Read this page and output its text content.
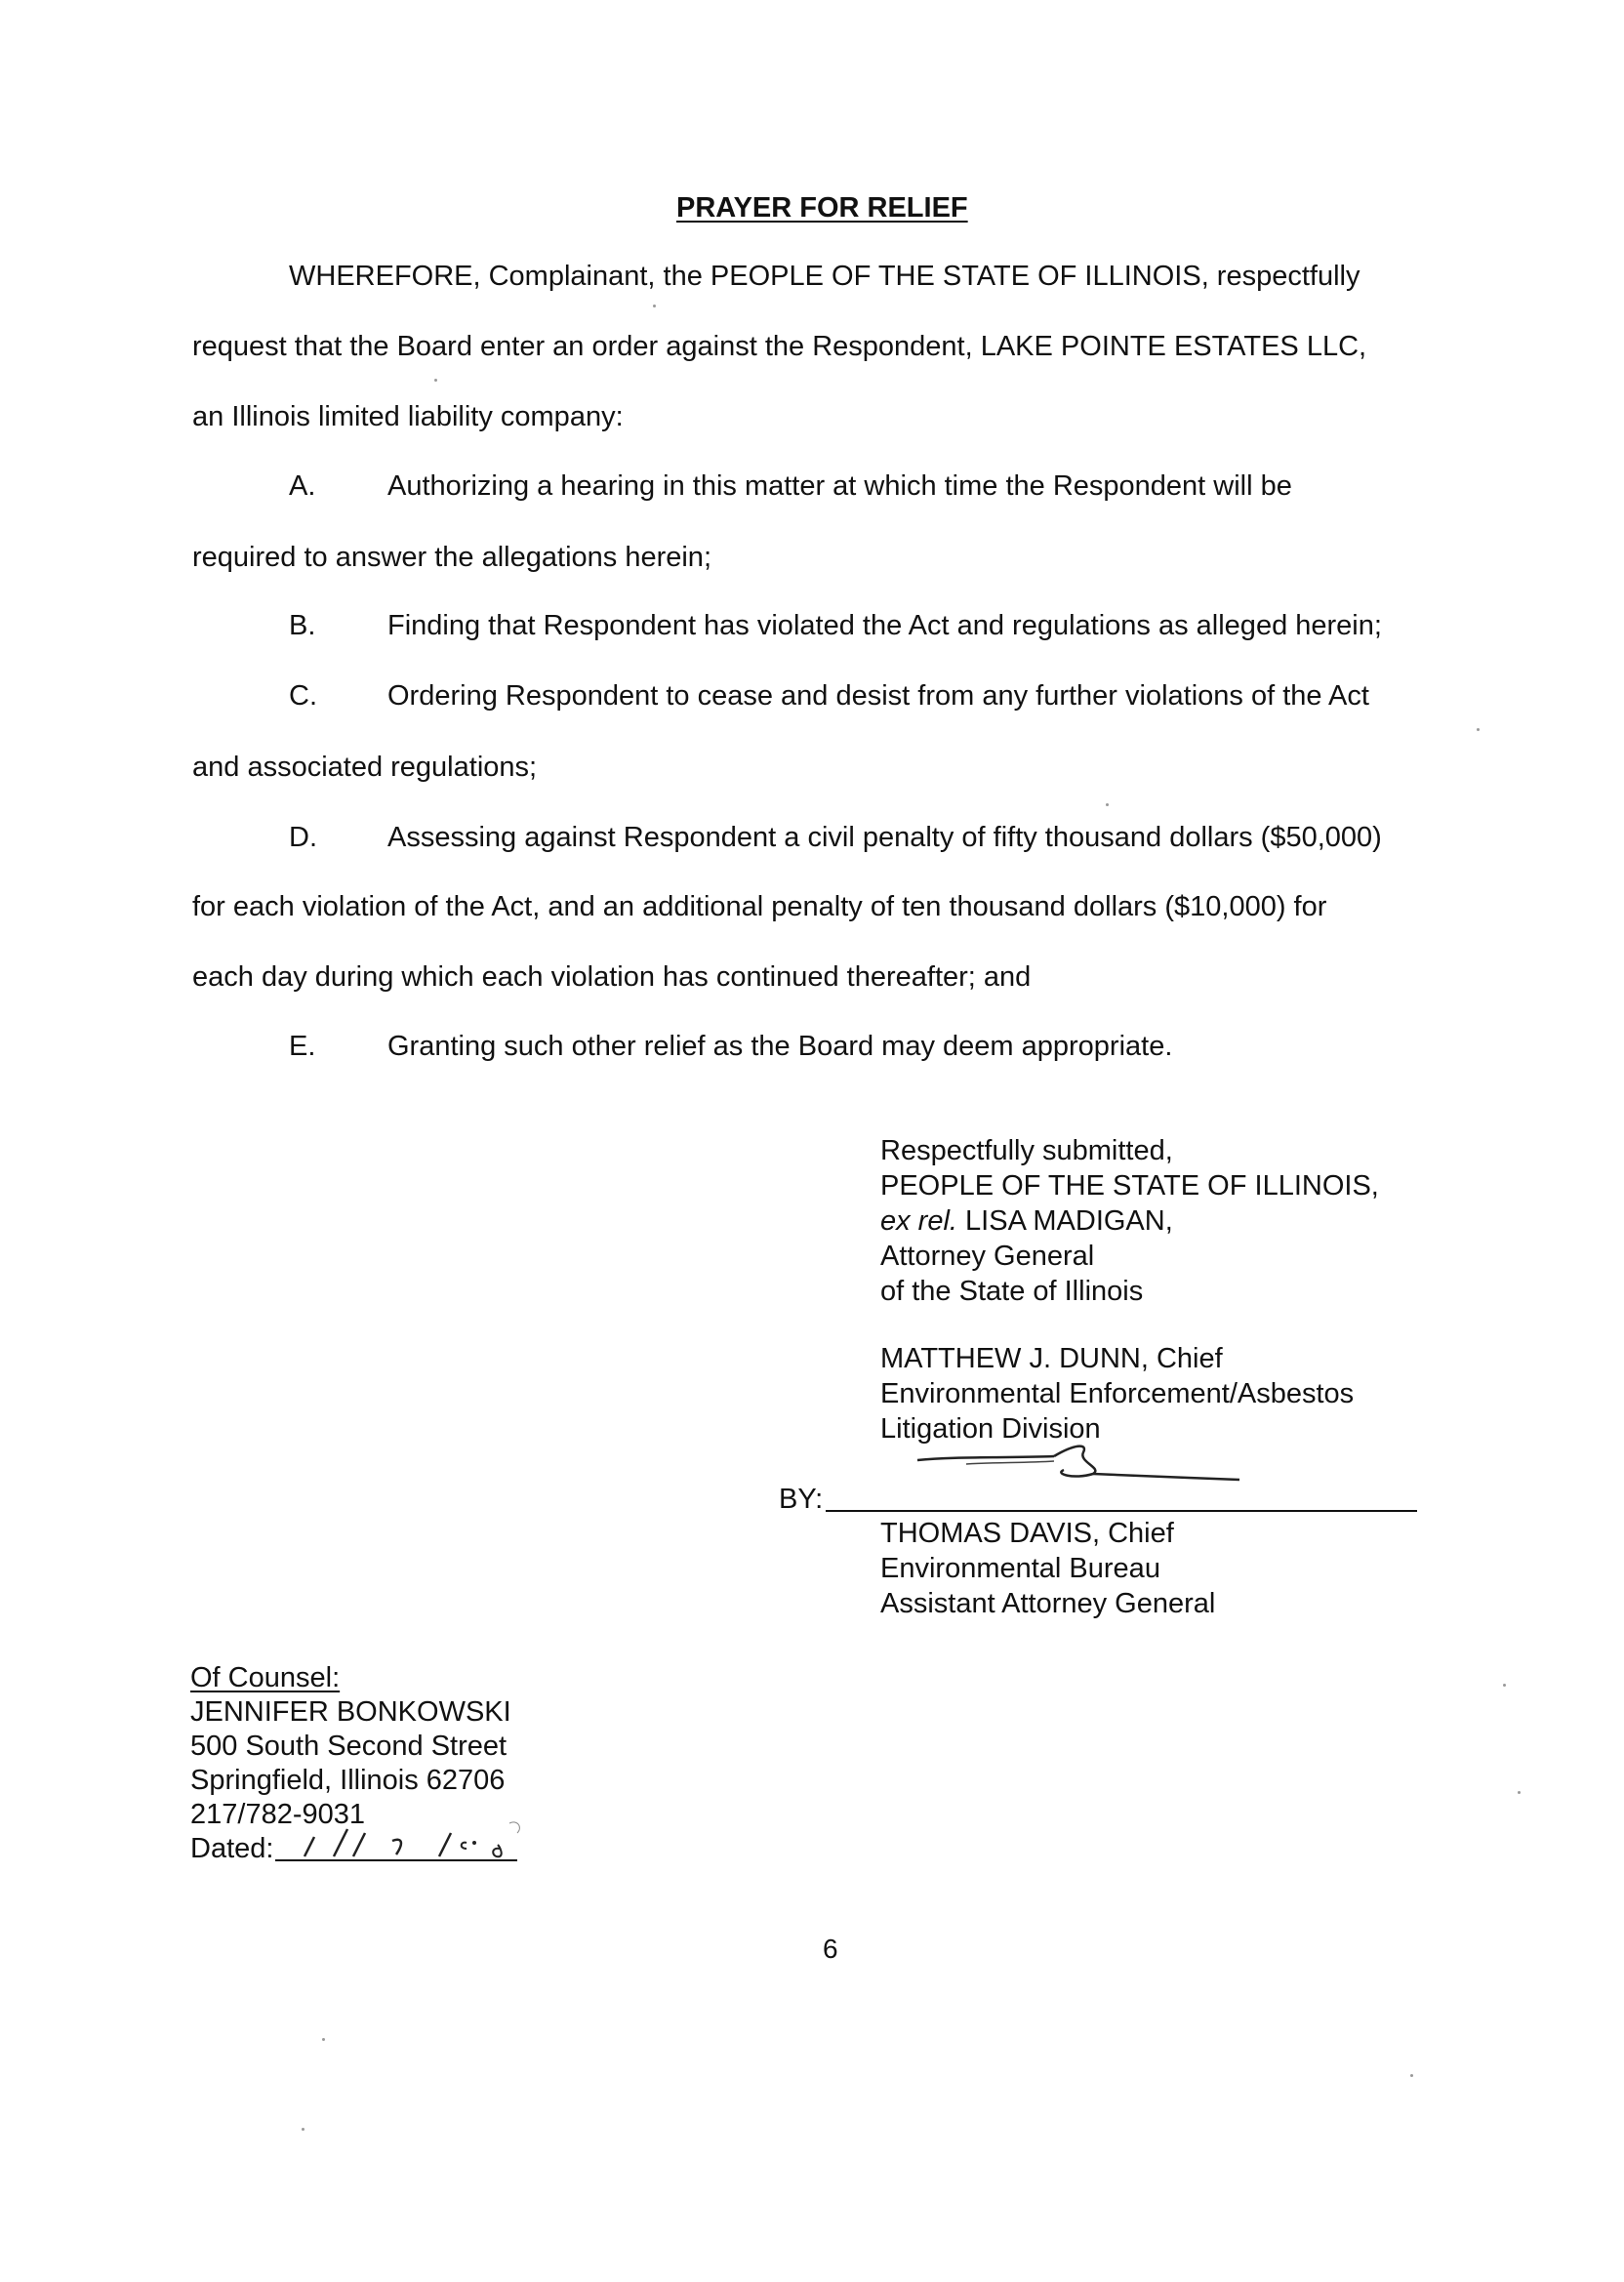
PRAYER FOR RELIEF
WHEREFORE, Complainant, the PEOPLE OF THE STATE OF ILLINOIS, respectfully
request that the Board enter an order against the Respondent, LAKE POINTE ESTATES LLC,
an Illinois limited liability company:
A.	Authorizing a hearing in this matter at which time the Respondent will be
required to answer the allegations herein;
B.	Finding that Respondent has violated the Act and regulations as alleged herein;
C. Ordering Respondent to cease and desist from any further violations of the Act
and associated regulations;
D. Assessing against Respondent a civil penalty of fifty thousand dollars ($50,000)
for each violation of the Act, and an additional penalty of ten thousand dollars ($10,000) for
each day during which each violation has continued thereafter; and
E.	Granting such other relief as the Board may deem appropriate.
Respectfully submitted,
PEOPLE OF THE STATE OF ILLINOIS,
ex rel. LISA MADIGAN,
Attorney General
of the State of Illinois
MATTHEW J. DUNN, Chief
Environmental Enforcement/Asbestos
Litigation Division
BY:
THOMAS DAVIS, Chief
Environmental Bureau
Assistant Attorney General
Of Counsel:
JENNIFER BONKOWSKI
500 South Second Street
Springfield, Illinois 62706
217/782-9031
Dated:
6
